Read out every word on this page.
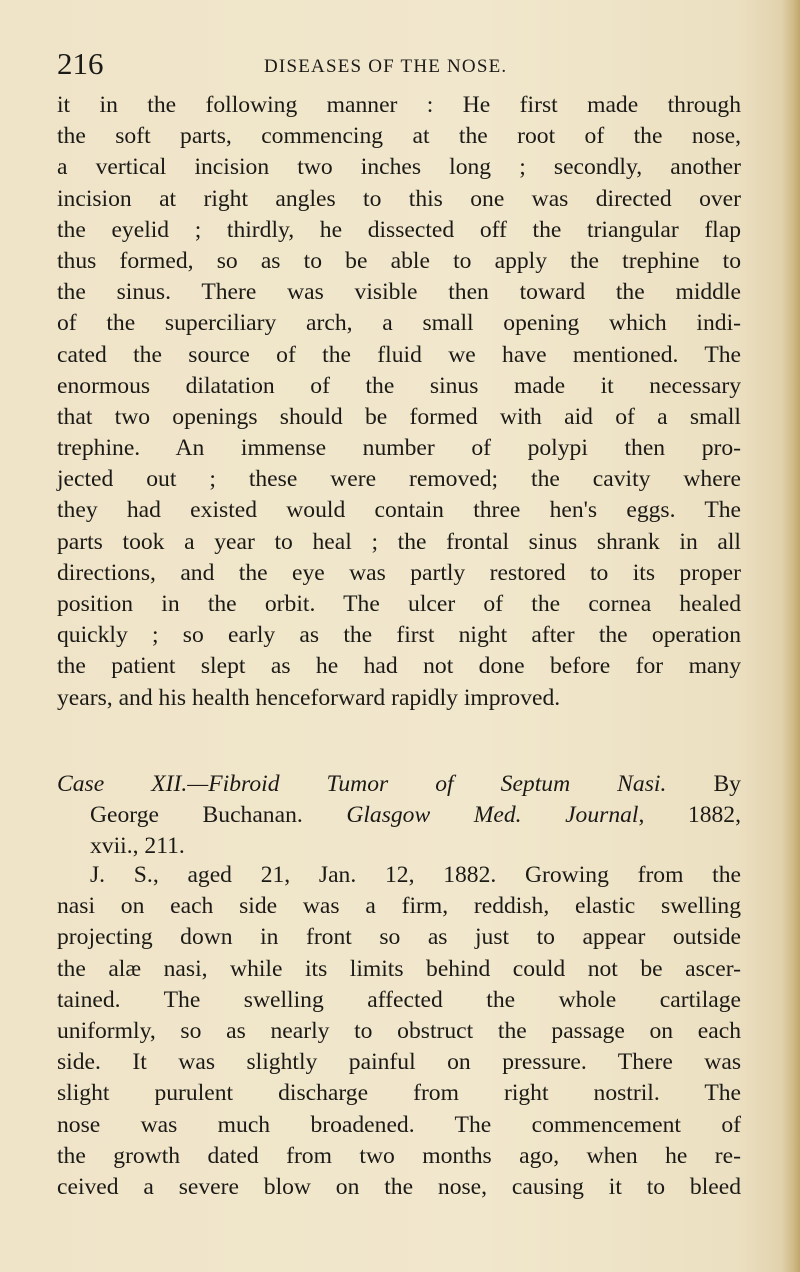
216	DISEASES OF THE NOSE.
it in the following manner : He first made through
the soft parts, commencing at the root of the nose,
a vertical incision two inches long ; secondly, another
incision at right angles to this one was directed over
the eyelid ; thirdly, he dissected off the triangular flap
thus formed, so as to be able to apply the trephine to
the sinus. There was visible then toward the middle
of the superciliary arch, a small opening which indi-
cated the source of the fluid we have mentioned. The
enormous dilatation of the sinus made it necessary
that two openings should be formed with aid of a small
trephine. An immense number of polypi then pro-
jected out ; these were removed; the cavity where
they had existed would contain three hen's eggs. The
parts took a year to heal ; the frontal sinus shrank in all
directions, and the eye was partly restored to its proper
position in the orbit. The ulcer of the cornea healed
quickly ; so early as the first night after the operation
the patient slept as he had not done before for many
years, and his health henceforward rapidly improved.
Case XII.—Fibroid Tumor of Septum Nasi. By
George Buchanan. Glasgow Med. Journal, 1882,
xvii., 211.
J. S., aged 21, Jan. 12, 1882. Growing from the
nasi on each side was a firm, reddish, elastic swelling
projecting down in front so as just to appear outside
the alæ nasi, while its limits behind could not be ascer-
tained. The swelling affected the whole cartilage
uniformly, so as nearly to obstruct the passage on each
side. It was slightly painful on pressure. There was
slight purulent discharge from right nostril. The
nose was much broadened. The commencement of
the growth dated from two months ago, when he re-
ceived a severe blow on the nose, causing it to bleed
